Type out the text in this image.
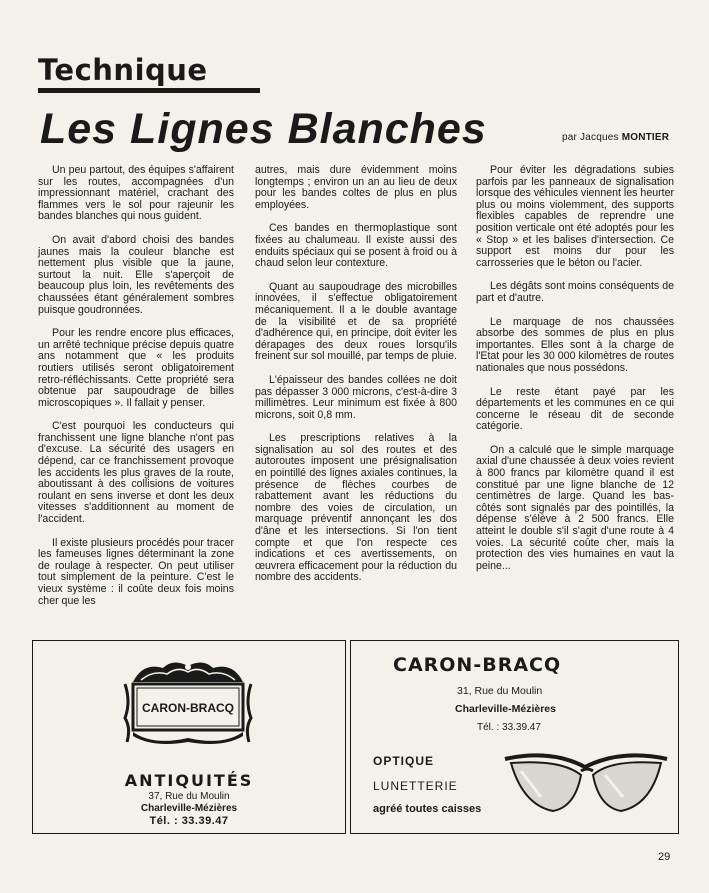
Technique
Les Lignes Blanches	par Jacques MONTIER

Un peu partout, des équipes s'affairent sur les routes, accompagnées d'un impressionnant matériel, crachant des flammes vers le sol pour rajeunir les bandes blanches qui nous guident.

On avait d'abord choisi des bandes jaunes mais la couleur blanche est nettement plus visible que la jaune, surtout la nuit. Elle s'aperçoit de beaucoup plus loin, les revêtements des chaussées étant généralement sombres puisque goudronnées.

Pour les rendre encore plus efficaces, un arrêté technique précise depuis quatre ans notamment que « les produits routiers utilisés seront obligatoirement retro-réfléchissants. Cette propriété sera obtenue par saupoudrage de billes microscopiques ». Il fallait y penser.

C'est pourquoi les conducteurs qui franchissent une ligne blanche n'ont pas d'excuse. La sécurité des usagers en dépend, car ce franchissement provoque les accidents les plus graves de la route, aboutissant à des collisions de voitures roulant en sens inverse et dont les deux vitesses s'additionnent au moment de l'accident.

Il existe plusieurs procédés pour tracer les fameuses lignes déterminant la zone de roulage à respecter. On peut utiliser tout simplement de la peinture. C'est le vieux système : il coûte deux fois moins cher que les

autres, mais dure évidemment moins longtemps ; environ un an au lieu de deux pour les bandes coltes de plus en plus employées.

Ces bandes en thermoplastique sont fixées au chalumeau. Il existe aussi des enduits spéciaux qui se posent à froid ou à chaud selon leur contexture.

Quant au saupoudrage des microbilles innovées, il s'effectue obligatoirement mécaniquement. Il a le double avantage de la visibilité et de sa propriété d'adhérence qui, en principe, doit éviter les dérapages des deux roues lorsqu'ils freinent sur sol mouillé, par temps de pluie.

L'épaisseur des bandes collées ne doit pas dépasser 3 000 microns, c'est-à-dire 3 millimètres. Leur minimum est fixée à 800 microns, soit 0,8 mm.

Les prescriptions relatives à la signalisation au sol des routes et des autoroutes imposent une présignalisation en pointillé des lignes axiales continues, la présence de flèches courbes de rabattement avant les réductions du nombre des voies de circulation, un marquage préventif annonçant les dos d'âne et les intersections. Si l'on tient compte et que l'on respecte ces indications et ces avertissements, on œuvrera efficacement pour la réduction du nombre des accidents.

Pour éviter les dégradations subies parfois par les panneaux de signalisation lorsque des véhicules viennent les heurter plus ou moins violemment, des supports flexibles capables de reprendre une position verticale ont été adoptés pour les « Stop » et les balises d'intersection. Ce support est moins dur pour les carrosseries que le béton ou l'acier.

Les dégâts sont moins conséquents de part et d'autre.

Le marquage de nos chaussées absorbe des sommes de plus en plus importantes. Elles sont à la charge de l'Etat pour les 30 000 kilomètres de routes nationales que nous possédons.

Le reste étant payé par les départements et les communes en ce qui concerne le réseau dit de seconde catégorie.

On a calculé que le simple marquage axial d'une chaussée à deux voies revient à 800 francs par kilomètre quand il est constitué par une ligne blanche de 12 centimètres de large. Quand les bas-côtés sont signalés par des pointillés, la dépense s'élève à 2 500 francs. Elle atteint le double s'il s'agit d'une route à 4 voies. La sécurité coûte cher, mais la protection des vies humaines en vaut la peine...

CARON-BRACQ
ANTIQUITÉS
37, Rue du Moulin
Charleville-Mézières
Tél. : 33.39.47
CARON-BRACQ
31, Rue du Moulin
Charleville-Mézières
Tél. : 33.39.47
OPTIQUE
LUNETTERIE
agréé toutes caisses
29
